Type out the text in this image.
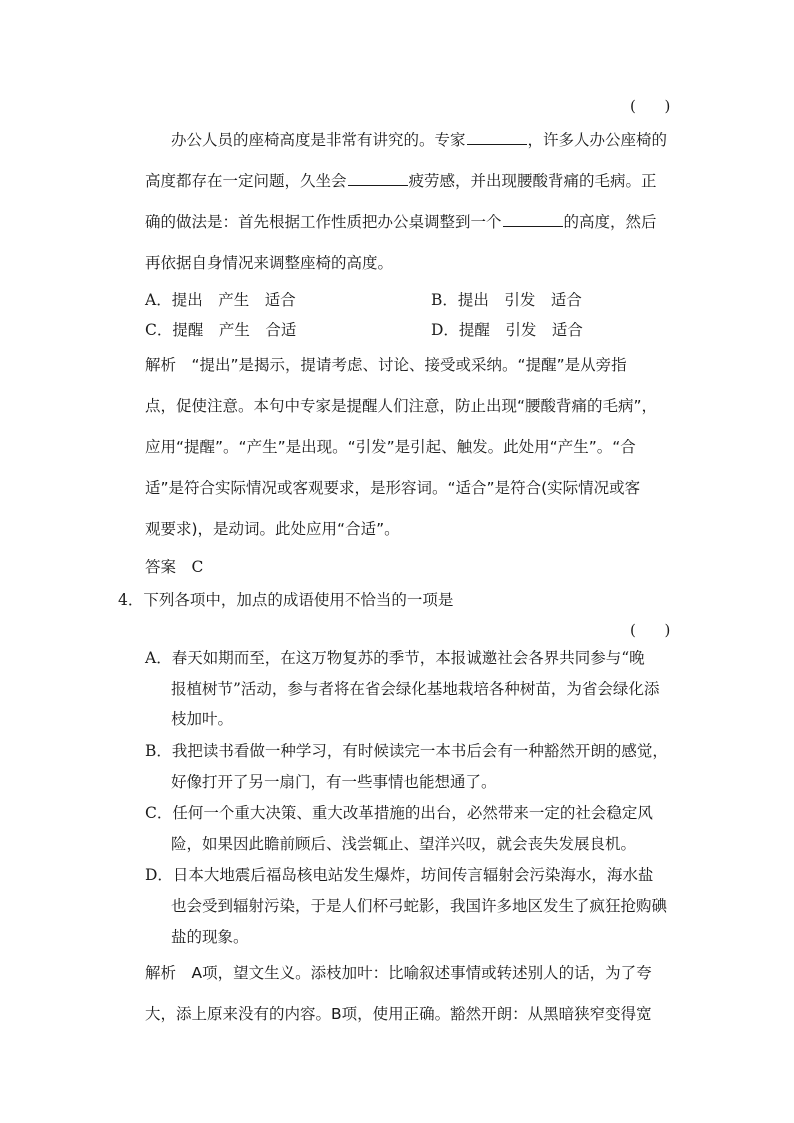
(      )
办公人员的座椅高度是非常有讲究的。专家	，许多人办公座椅的
高度都存在一定问题，久坐会	疲劳感，并出现腰酸背痛的毛病。正
确的做法是：首先根据工作性质把办公桌调整到一个	的高度，然后
再依据自身情况来调整座椅的高度。
A．提出　产生　适合	B．提出　引发　适合
C．提醒　产生　合适	D．提醒　引发　适合
解析　“提出”是揭示，提请考虑、讨论、接受或采纳。“提醒”是从旁指
点，促使注意。本句中专家是提醒人们注意，防止出现“腰酸背痛的毛病”，
应用“提醒”。“产生”是出现。“引发”是引起、触发。此处用“产生”。“合
适”是符合实际情况或客观要求，是形容词。“适合”是符合(实际情况或客
观要求)，是动词。此处应用“合适”。
答案　C
4．下列各项中，加点的成语使用不恰当的一项是
(      )
A．春天如期而至，在这万物复苏的季节，本报诚邀社会各界共同参与“晚
报植树节”活动，参与者将在省会绿化基地栽培各种树苗，为省会绿化添
枝加叶。
B．我把读书看做一种学习，有时候读完一本书后会有一种豁然开朗的感觉，
好像打开了另一扇门，有一些事情也能想通了。
C．任何一个重大决策、重大改革措施的出台，必然带来一定的社会稳定风
险，如果因此瞻前顾后、浅尝辄止、望洋兴叹，就会丧失发展良机。
D．日本大地震后福岛核电站发生爆炸，坊间传言辐射会污染海水，海水盐
也会受到辐射污染，于是人们杯弓蛇影，我国许多地区发生了疯狂抢购碘
盐的现象。
解析　A项，望文生义。添枝加叶：比喻叙述事情或转述别人的话，为了夸
大，添上原来没有的内容。B项，使用正确。豁然开朗：从黑暗狭窄变得宽
